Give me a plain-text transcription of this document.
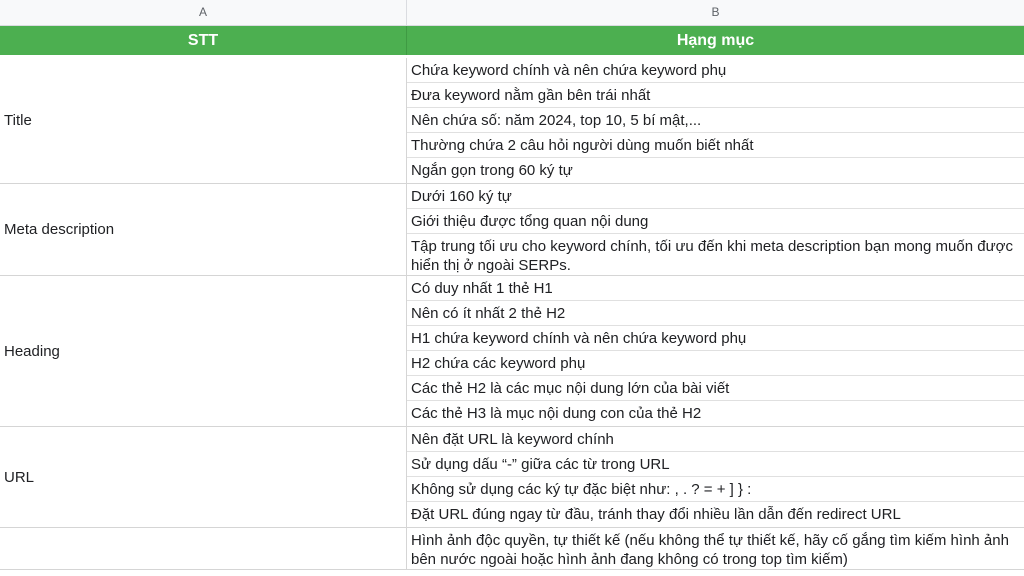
A	B
STT	Hạng mục
Title
Chứa keyword chính và nên chứa keyword phụ
Đưa keyword nằm gần bên trái nhất
Nên chứa số: năm 2024, top 10, 5 bí mật,...
Thường chứa 2 câu hỏi người dùng muốn biết nhất
Ngắn gọn trong 60 ký tự
Meta description
Dưới 160 ký tự
Giới thiệu được tổng quan nội dung
Tập trung tối ưu cho keyword chính, tối ưu đến khi meta description bạn mong muốn được hiển thị ở ngoài SERPs.
Heading
Có duy nhất 1 thẻ H1
Nên có ít nhất 2 thẻ H2
H1 chứa keyword chính và nên chứa keyword phụ
H2 chứa các keyword phụ
Các thẻ H2 là các mục nội dung lớn của bài viết
Các thẻ H3 là mục nội dung con của thẻ H2
URL
Nên đặt URL là keyword chính
Sử dụng dấu “-” giữa các từ trong URL
Không sử dụng các ký tự đặc biệt như: , . ? = + ] } :
Đặt URL đúng ngay từ đầu, tránh thay đổi nhiều lần dẫn đến redirect URL
Hình ảnh độc quyền, tự thiết kế (nếu không thể tự thiết kế, hãy cố gắng tìm kiếm hình ảnh bên nước ngoài hoặc hình ảnh đang không có trong top tìm kiếm)
